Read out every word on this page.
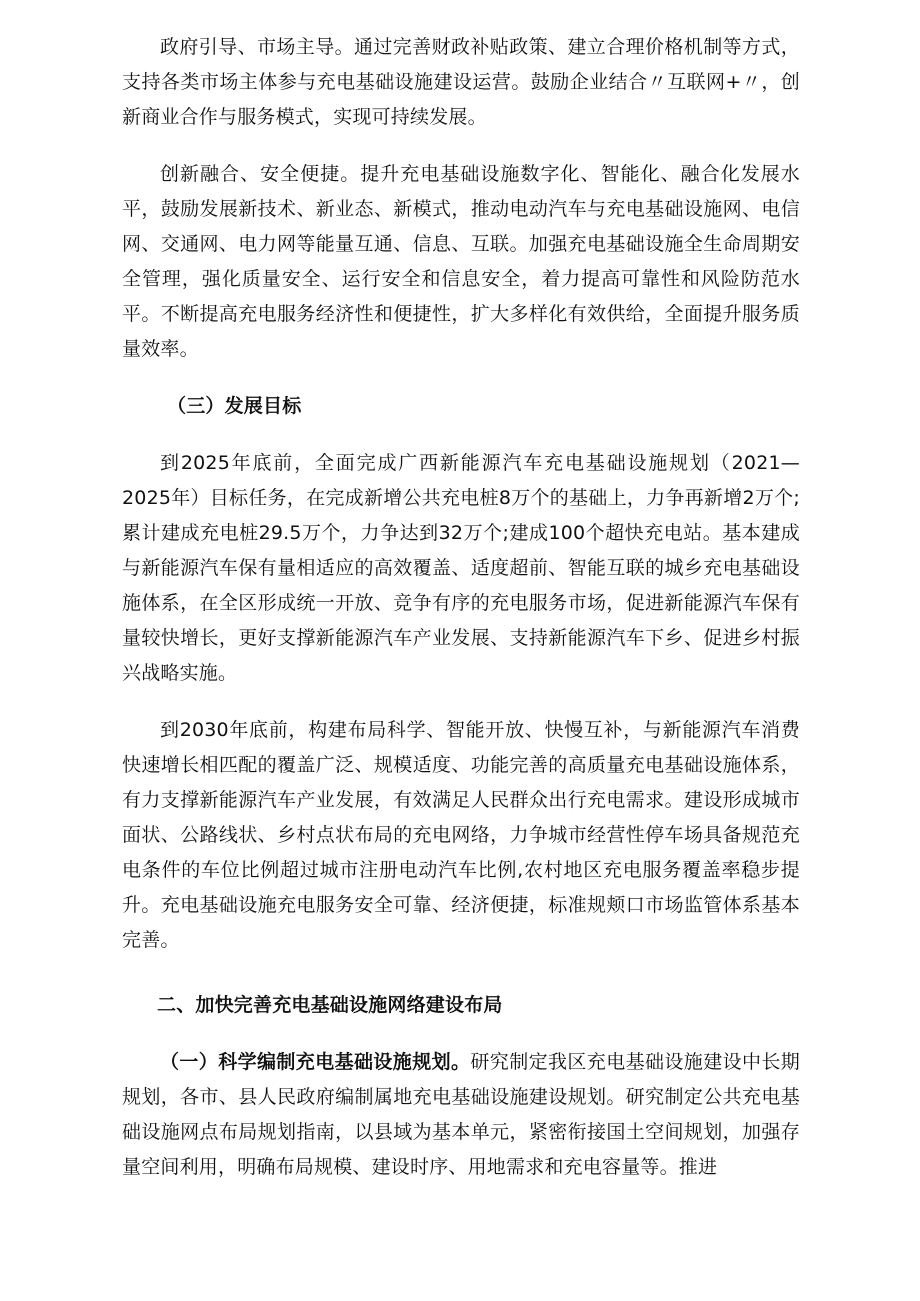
政府引导、市场主导。通过完善财政补贴政策、建立合理价格机制等方式，支持各类市场主体参与充电基础设施建设运营。鼓励企业结合〃互联网+〃，创新商业合作与服务模式，实现可持续发展。

创新融合、安全便捷。提升充电基础设施数字化、智能化、融合化发展水平，鼓励发展新技术、新业态、新模式，推动电动汽车与充电基础设施网、电信网、交通网、电力网等能量互通、信息、互联。加强充电基础设施全生命周期安全管理，强化质量安全、运行安全和信息安全，着力提高可靠性和风险防范水平。不断提高充电服务经济性和便捷性，扩大多样化有效供给，全面提升服务质量效率。

（三）发展目标

到2025年底前，全面完成广西新能源汽车充电基础设施规划（2021—2025年）目标任务，在完成新增公共充电桩8万个的基础上，力争再新增2万个;累计建成充电桩29.5万个，力争达到32万个;建成100个超快充电站。基本建成与新能源汽车保有量相适应的高效覆盖、适度超前、智能互联的城乡充电基础设施体系，在全区形成统一开放、竞争有序的充电服务市场，促进新能源汽车保有量较快增长，更好支撑新能源汽车产业发展、支持新能源汽车下乡、促进乡村振兴战略实施。

到2030年底前，构建布局科学、智能开放、快慢互补，与新能源汽车消费快速增长相匹配的覆盖广泛、规模适度、功能完善的高质量充电基础设施体系，有力支撑新能源汽车产业发展，有效满足人民群众出行充电需求。建设形成城市面状、公路线状、乡村点状布局的充电网络，力争城市经营性停车场具备规范充电条件的车位比例超过城市注册电动汽车比例,农村地区充电服务覆盖率稳步提升。充电基础设施充电服务安全可靠、经济便捷，标准规颊口市场监管体系基本完善。

二、加快完善充电基础设施网络建设布局

（一）科学编制充电基础设施规划。研究制定我区充电基础设施建设中长期规划，各市、县人民政府编制属地充电基础设施建设规划。研究制定公共充电基础设施网点布局规划指南，以县域为基本单元，紧密衔接国土空间规划，加强存量空间利用，明确布局规模、建设时序、用地需求和充电容量等。推进
